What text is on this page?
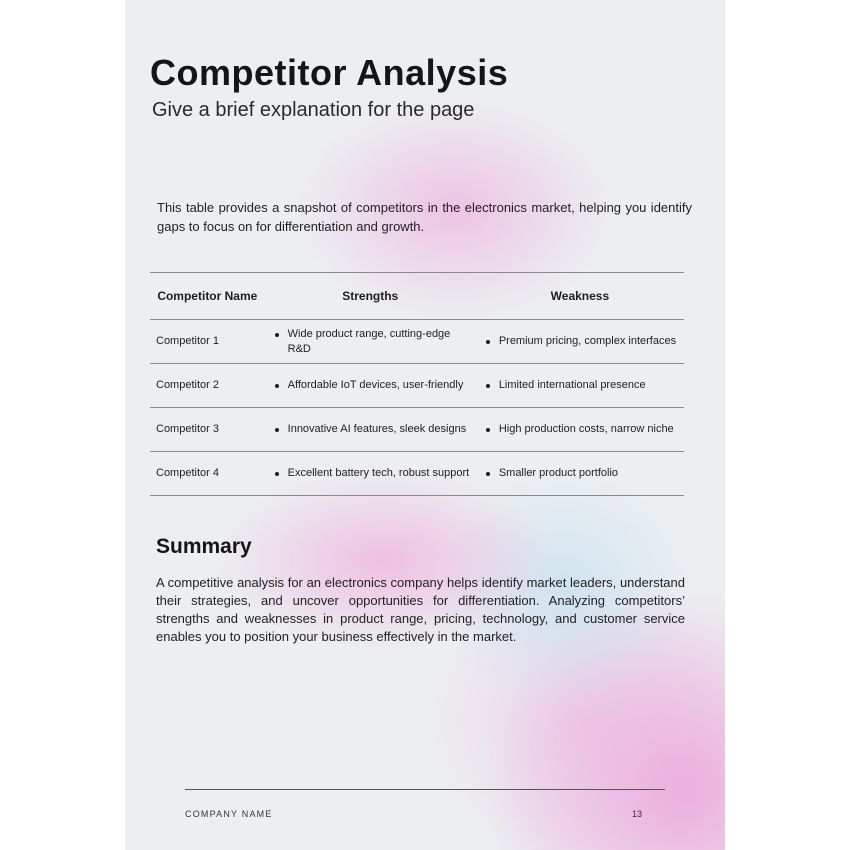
Competitor Analysis
Give a brief explanation for the page

This table provides a snapshot of competitors in the electronics market, helping you identify gaps to focus on for differentiation and growth.

Competitor Name	Strengths	Weakness
Competitor 1	Wide product range, cutting-edge R&D	Premium pricing, complex interfaces

Competitor 2	Affordable IoT devices, user-friendly	Limited international presence

Competitor 3	Innovative AI features, sleek designs	High production costs, narrow niche

Competitor 4	Excellent battery tech, robust support	Smaller product portfolio
Summary

A competitive analysis for an electronics company helps identify market leaders, understand their strategies, and uncover opportunities for differentiation. Analyzing competitors’ strengths and weaknesses in product range, pricing, technology, and customer service enables you to position your business effectively in the market.

COMPANY NAME	13
